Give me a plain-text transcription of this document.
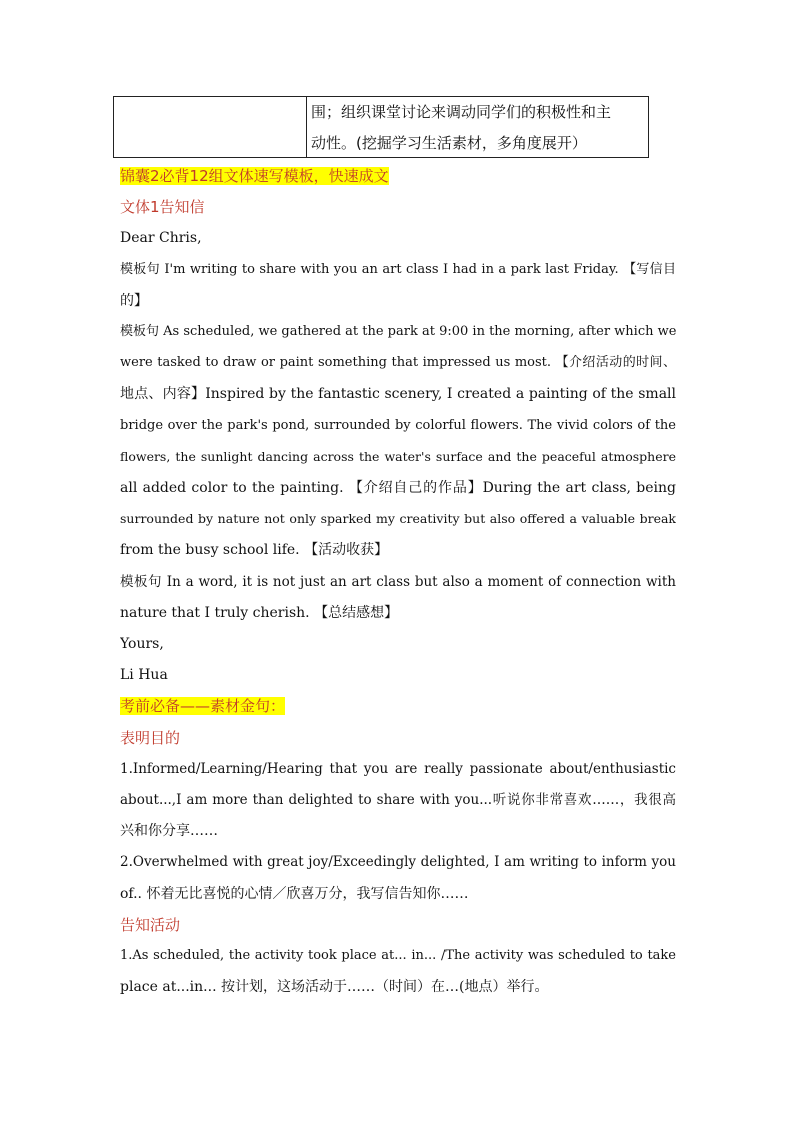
围；组织课堂讨论来调动同学们的积极性和主
动性。(挖掘学习生活素材，多角度展开）
锦囊2必背12组文体速写模板，快速成文
文体1告知信
Dear Chris,
模板句 I'm writing to share with you an art class I had in a park last Friday. 【写信目
的】
模板句 As scheduled, we gathered at the park at 9:00 in the morning, after which we
were tasked to draw or paint something that impressed us most. 【介绍活动的时间、
地点、内容】Inspired by the fantastic scenery, I created a painting of the small
bridge over the park's pond, surrounded by colorful flowers. The vivid colors of the
flowers, the sunlight dancing across the water's surface and the peaceful atmosphere
all added color to the painting. 【介绍自己的作品】During the art class, being
surrounded by nature not only sparked my creativity but also offered a valuable break
from the busy school life. 【活动收获】
模板句 In a word, it is not just an art class but also a moment of connection with
nature that I truly cherish. 【总结感想】
Yours,
Li Hua
考前必备——素材金句：
表明目的
1.Informed/Learning/Hearing that you are really passionate about/enthusiastic
about...,I am more than delighted to share with you...听说你非常喜欢……，我很高
兴和你分享……
2.Overwhelmed with great joy/Exceedingly delighted, I am writing to inform you
of.. 怀着无比喜悦的心情／欣喜万分，我写信告知你……
告知活动
1.As scheduled, the activity took place at... in... /The activity was scheduled to take
place at...in... 按计划，这场活动于……（时间）在…(地点）举行。
